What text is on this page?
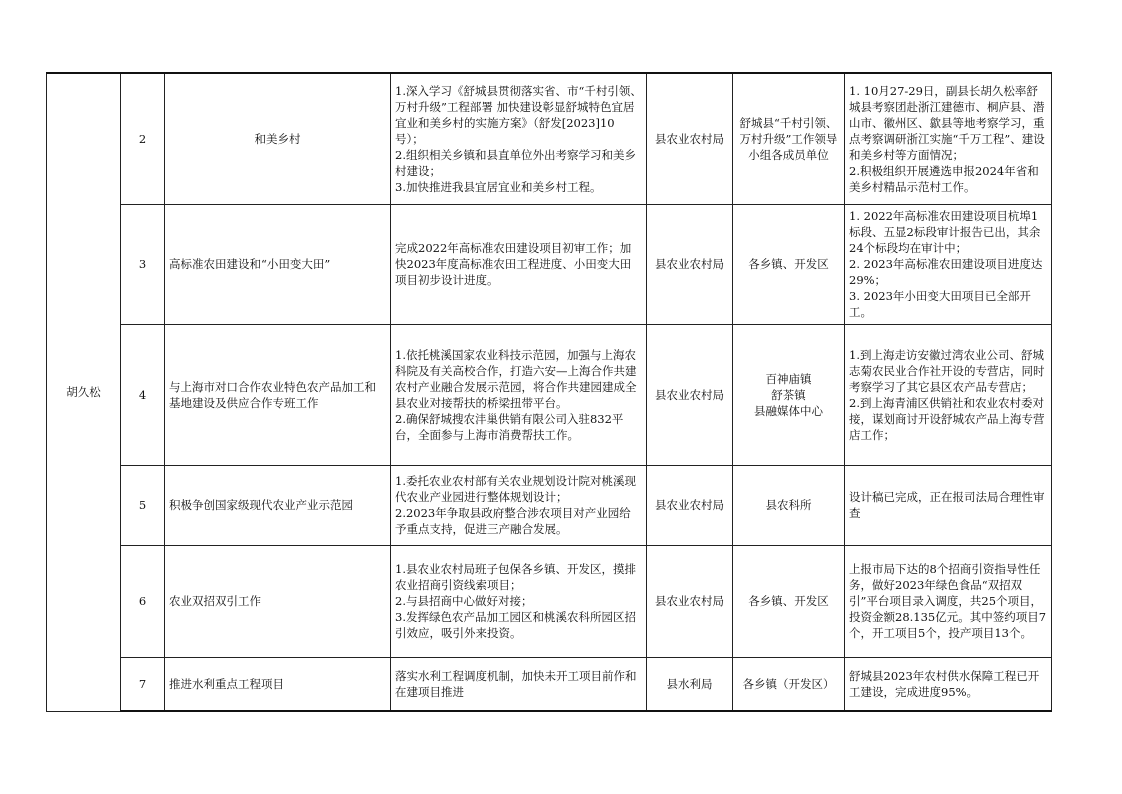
胡久松	2	和美乡村	1.深入学习《舒城县贯彻落实省、市“千村引领、万村升级”工程部署 加快建设彰显舒城特色宜居宜业和美乡村的实施方案》（舒发[2023]10号）；
2.组织相关乡镇和县直单位外出考察学习和美乡村建设；
3.加快推进我县宜居宜业和美乡村工程。	县农业农村局	舒城县“千村引领、万村升级”工作领导小组各成员单位	1. 10月27-29日，副县长胡久松率舒城县考察团赴浙江建德市、桐庐县、潜山市、徽州区、歙县等地考察学习，重点考察调研浙江实施“千万工程”、建设和美乡村等方面情况；
2.积极组织开展遴选申报2024年省和美乡村精品示范村工作。

	3	高标准农田建设和“小田变大田”	完成2022年高标准农田建设项目初审工作；加快2023年度高标准农田工程进度、小田变大田项目初步设计进度。	县农业农村局	各乡镇、开发区	1. 2022年高标准农田建设项目杭埠1标段、五显2标段审计报告已出，其余24个标段均在审计中；
2. 2023年高标准农田建设项目进度达29%；
3. 2023年小田变大田项目已全部开工。

	4	与上海市对口合作农业特色农产品加工和基地建设及供应合作专班工作	1.依托桃溪国家农业科技示范园，加强与上海农科院及有关高校合作，打造六安—上海合作共建农村产业融合发展示范园，将合作共建园建成全县农业对接帮扶的桥梁扭带平台。
2.确保舒城搜农沣巢供销有限公司入驻832平台，全面参与上海市消费帮扶工作。	县农业农村局	百神庙镇
舒茶镇
县融媒体中心	1.到上海走访安徽过湾农业公司、舒城志菊农民业合作社开设的专营店，同时考察学习了其它县区农产品专营店；
2.到上海青浦区供销社和农业农村委对接，谋划商讨开设舒城农产品上海专营店工作；

	5	积极争创国家级现代农业产业示范园	1.委托农业农村部有关农业规划设计院对桃溪现代农业产业园进行整体规划设计；
2.2023年争取县政府整合涉农项目对产业园给予重点支持，促进三产融合发展。	县农业农村局	县农科所	设计稿已完成，正在报司法局合理性审查

	6	农业双招双引工作	1.县农业农村局班子包保各乡镇、开发区，摸排农业招商引资线索项目；
2.与县招商中心做好对接；
3.发挥绿色农产品加工园区和桃溪农科所园区招引效应，吸引外来投资。	县农业农村局	各乡镇、开发区	上报市局下达的8个招商引资指导性任务，做好2023年绿色食品“双招双引”平台项目录入调度，共25个项目，投资金额28.135亿元。其中签约项目7个，开工项目5个，投产项目13个。

	7	推进水利重点工程项目	落实水利工程调度机制，加快未开工项目前作和在建项目推进	县水利局	各乡镇（开发区）	舒城县2023年农村供水保障工程已开工建设，完成进度95%。
